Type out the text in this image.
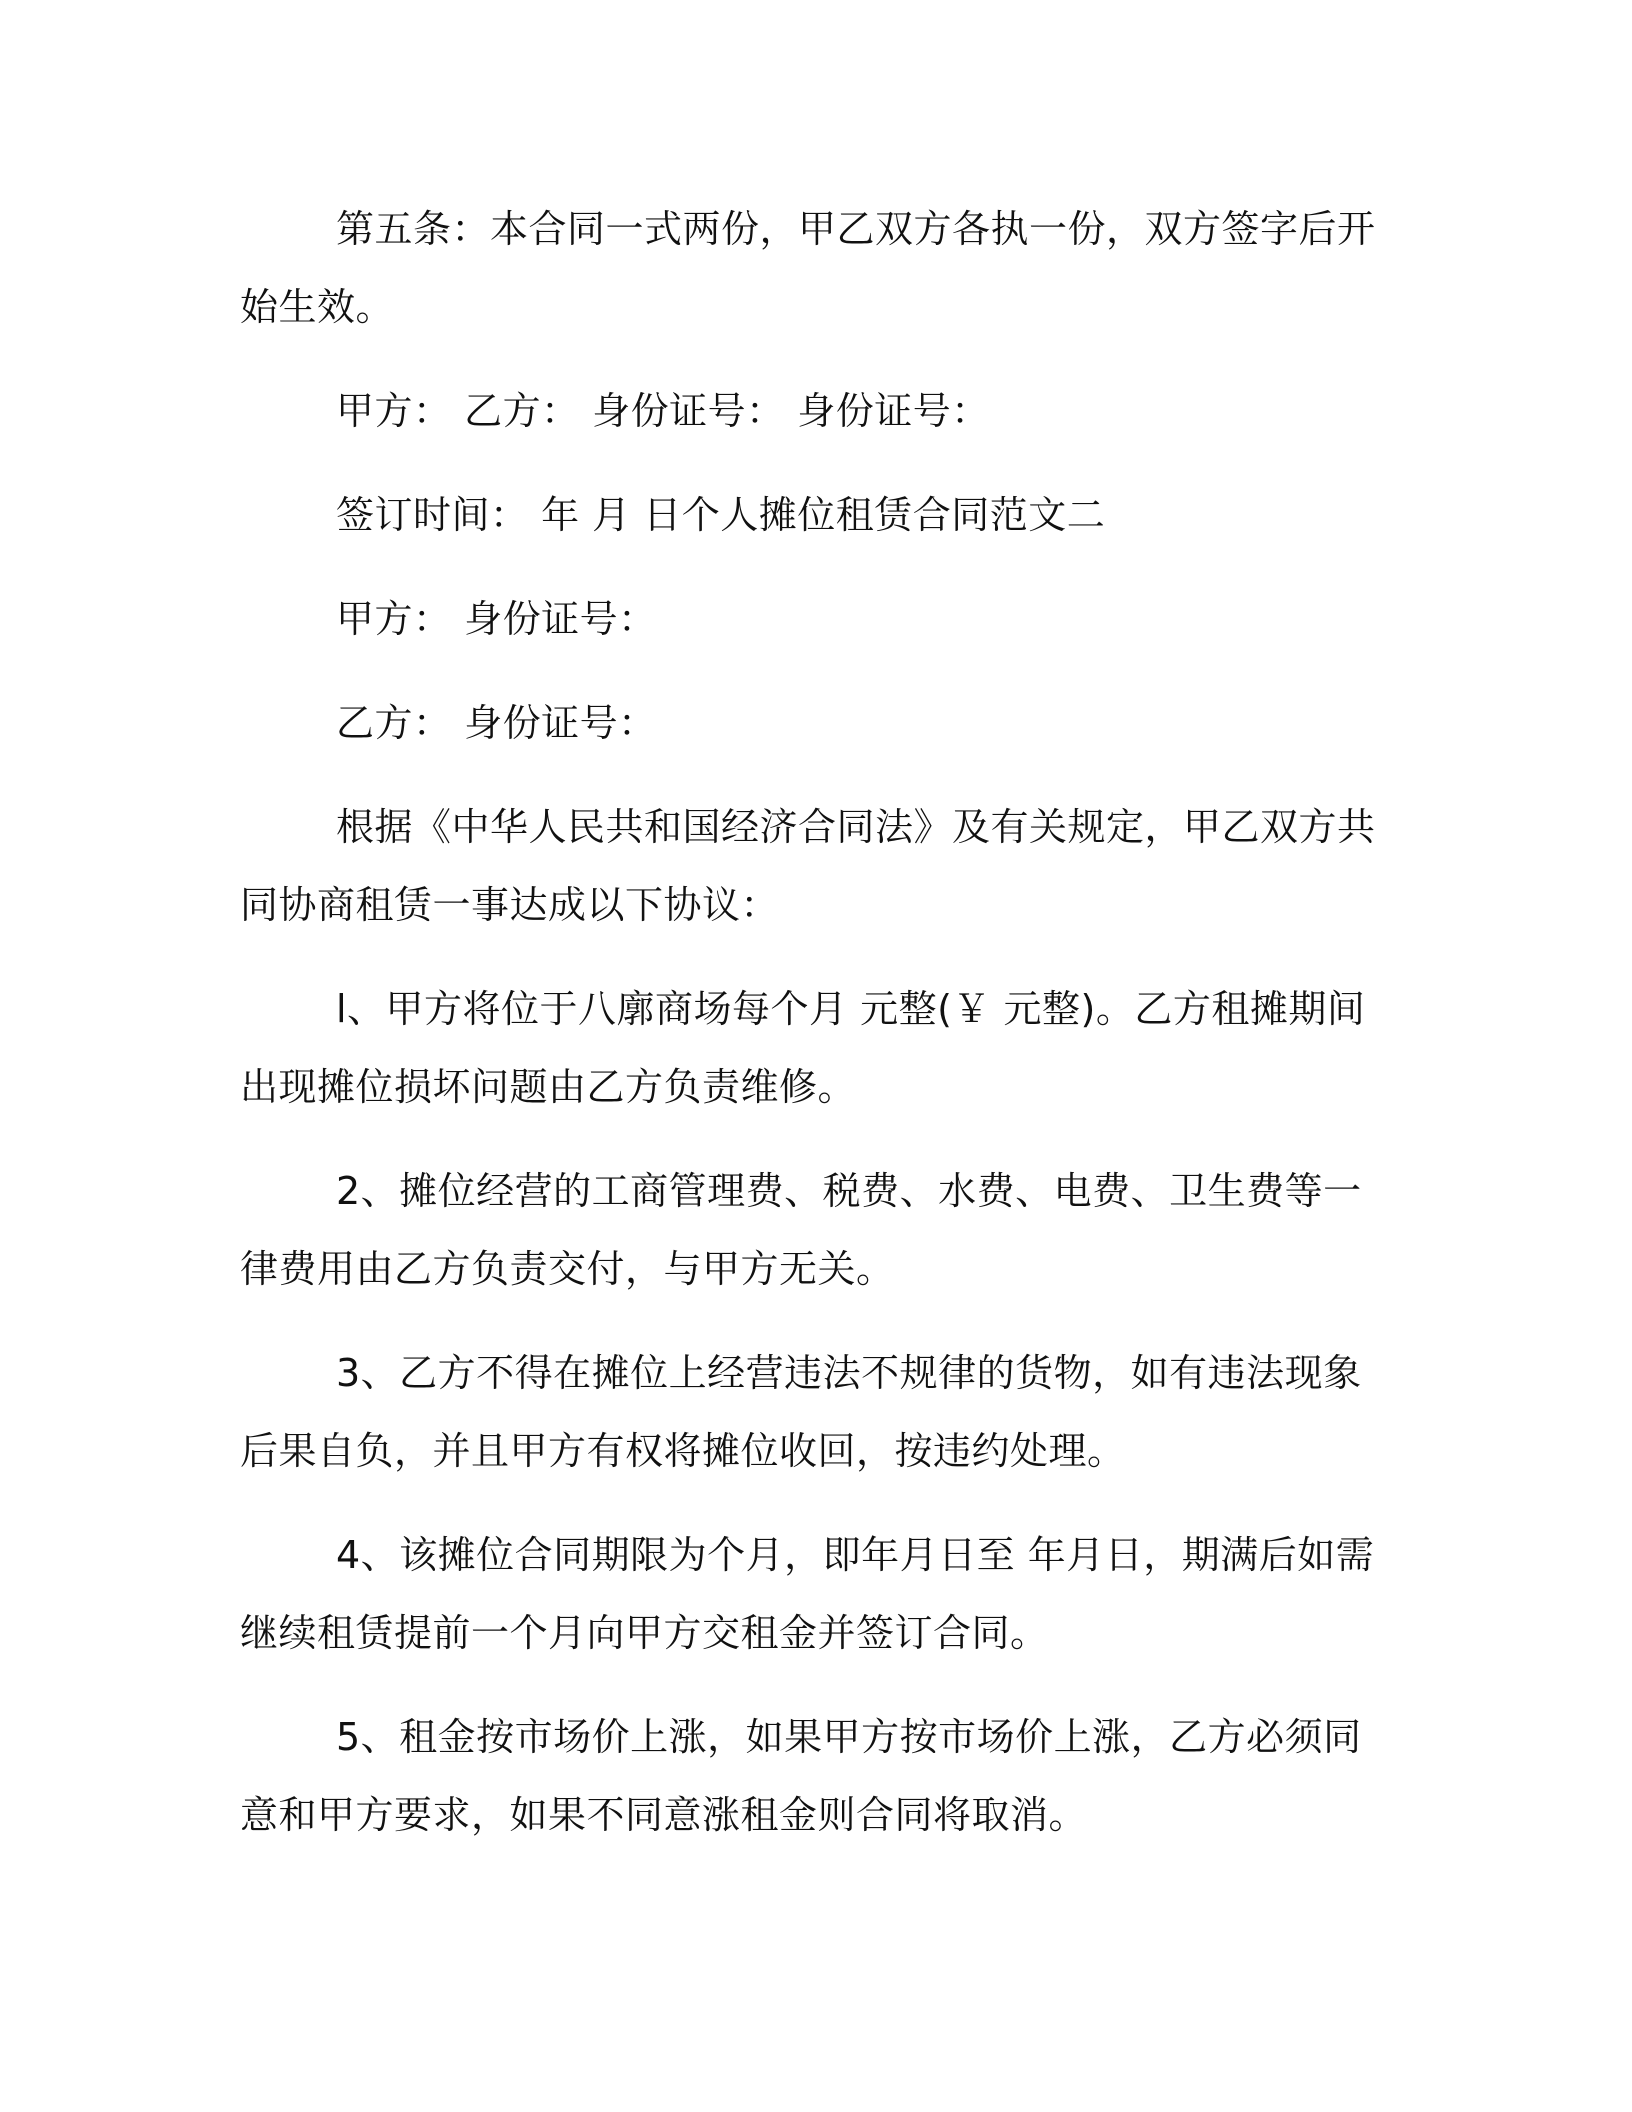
第五条：本合同一式两份，甲乙双方各执一份，双方签字后开始生效。

甲方： 乙方： 身份证号： 身份证号：

签订时间： 年 月 日个人摊位租赁合同范文二

甲方： 身份证号：

乙方： 身份证号：

根据《中华人民共和国经济合同法》及有关规定，甲乙双方共同协商租赁一事达成以下协议：

l、甲方将位于八廓商场每个月 元整(￥ 元整)。乙方租摊期间出现摊位损坏问题由乙方负责维修。

2、摊位经营的工商管理费、税费、水费、电费、卫生费等一律费用由乙方负责交付，与甲方无关。

3、乙方不得在摊位上经营违法不规律的货物，如有违法现象后果自负，并且甲方有权将摊位收回，按违约处理。

4、该摊位合同期限为个月，即年月日至 年月日，期满后如需继续租赁提前一个月向甲方交租金并签订合同。

5、租金按市场价上涨，如果甲方按市场价上涨，乙方必须同意和甲方要求，如果不同意涨租金则合同将取消。
